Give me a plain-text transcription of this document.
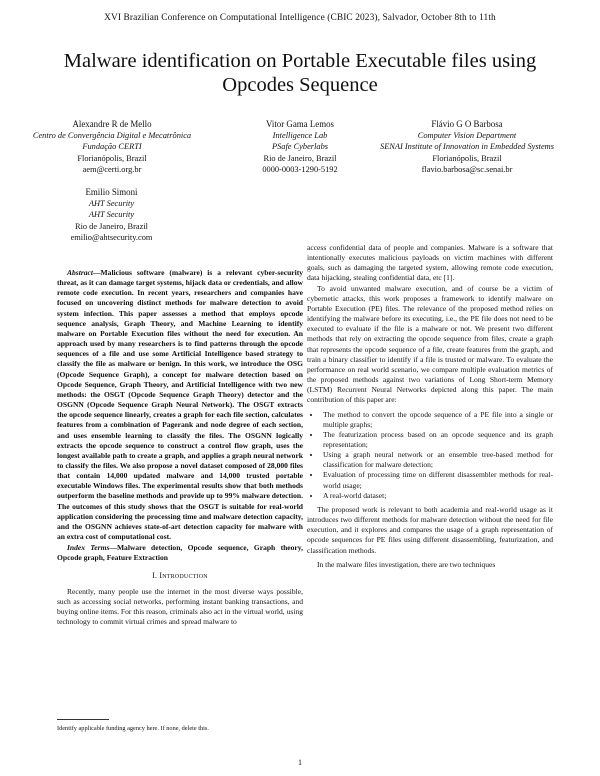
XVI Brazilian Conference on Computational Intelligence (CBIC 2023), Salvador, October 8th to 11th
Malware identification on Portable Executable files using Opcodes Sequence
Alexandre R de Mello
Centro de Convergência Digital e Mecatrônica
Fundação CERTI
Florianópolis, Brazil
aem@certi.org.br
Vitor Gama Lemos
Intelligence Lab
PSafe Cyberlabs
Rio de Janeiro, Brazil
0000-0003-1290-5192
Flávio G O Barbosa
Computer Vision Department
SENAI Institute of Innovation in Embedded Systems
Florianópolis, Brazil
flavio.barbosa@sc.senai.br
Emilio Simoni
AHT Security
AHT Security
Rio de Janeiro, Brazil
emilio@ahtsecurity.com

Abstract—Malicious software (malware) is a relevant cyber-security threat, as it can damage target systems, hijack data or credentials, and allow remote code execution. In recent years, researchers and companies have focused on uncovering distinct methods for malware detection to avoid system infection. This paper assesses a method that employs opcode sequence analysis, Graph Theory, and Machine Learning to identify malware on Portable Execution files without the need for execution. An approach used by many researchers is to find patterns through the opcode sequences of a file and use some Artificial Intelligence based strategy to classify the file as malware or benign. In this work, we introduce the OSG (Opcode Sequence Graph), a concept for malware detection based on Opcode Sequence, Graph Theory, and Artificial Intelligence with two new methods: the OSGT (Opcode Sequence Graph Theory) detector and the OSGNN (Opcode Sequence Graph Neural Network). The OSGT extracts the opcode sequence linearly, creates a graph for each file section, calculates features from a combination of Pagerank and node degree of each section, and uses ensemble learning to classify the files. The OSGNN logically extracts the opcode sequence to construct a control flow graph, uses the longest available path to create a graph, and applies a graph neural network to classify the files. We also propose a novel dataset composed of 28,000 files that contain 14,000 updated malware and 14,000 trusted portable executable Windows files. The experimental results show that both methods outperform the baseline methods and provide up to 99% malware detection. The outcomes of this study shows that the OSGT is suitable for real-world application considering the processing time and malware detection capacity, and the OSGNN achieves state-of-art detection capacity for malware with an extra cost of computational cost.

Index Terms—Malware detection, Opcode sequence, Graph theory, Opcode graph, Feature Extraction

I. Introduction

Recently, many people use the internet in the most diverse ways possible, such as accessing social networks, performing instant banking transactions, and buying online items. For this reason, criminals also act in the virtual world, using technology to commit virtual crimes and spread malware to

access confidential data of people and companies. Malware is a software that intentionally executes malicious payloads on victim machines with different goals, such as damaging the targeted system, allowing remote code execution, data hijacking, stealing confidential data, etc [1].

To avoid unwanted malware execution, and of course be a victim of cybernetic attacks, this work proposes a framework to identify malware on Portable Execution (PE) files. The relevance of the proposed method relies on identifying the malware before its executing, i.e., the PE file does not need to be executed to evaluate if the file is a malware or not. We present two different methods that rely on extracting the opcode sequence from files, create a graph that represents the opcode sequence of a file, create features from the graph, and train a binary classifier to identify if a file is trusted or malware. To evaluate the performance on real world scenario, we compare multiple evaluation metrics of the proposed methods against two variations of Long Short-term Memory (LSTM) Recurrent Neural Networks depicted along this paper. The main contribution of this paper are:

• The method to convert the opcode sequence of a PE file into a single or multiple graphs;
• The featurization process based on an opcode sequence and its graph representation;
• Using a graph neural network or an ensemble tree-based method for classification for malware detection;
• Evaluation of processing time on different disassembler methods for real-world usage;
• A real-world dataset;

The proposed work is relevant to both academia and real-world usage as it introduces two different methods for malware detection without the need for file execution, and it explores and compares the usage of a graph representation of opcode sequences for PE files using different disassembling, featurization, and classification methods.

In the malware files investigation, there are two techniques

Identify applicable funding agency here. If none, delete this.
1
